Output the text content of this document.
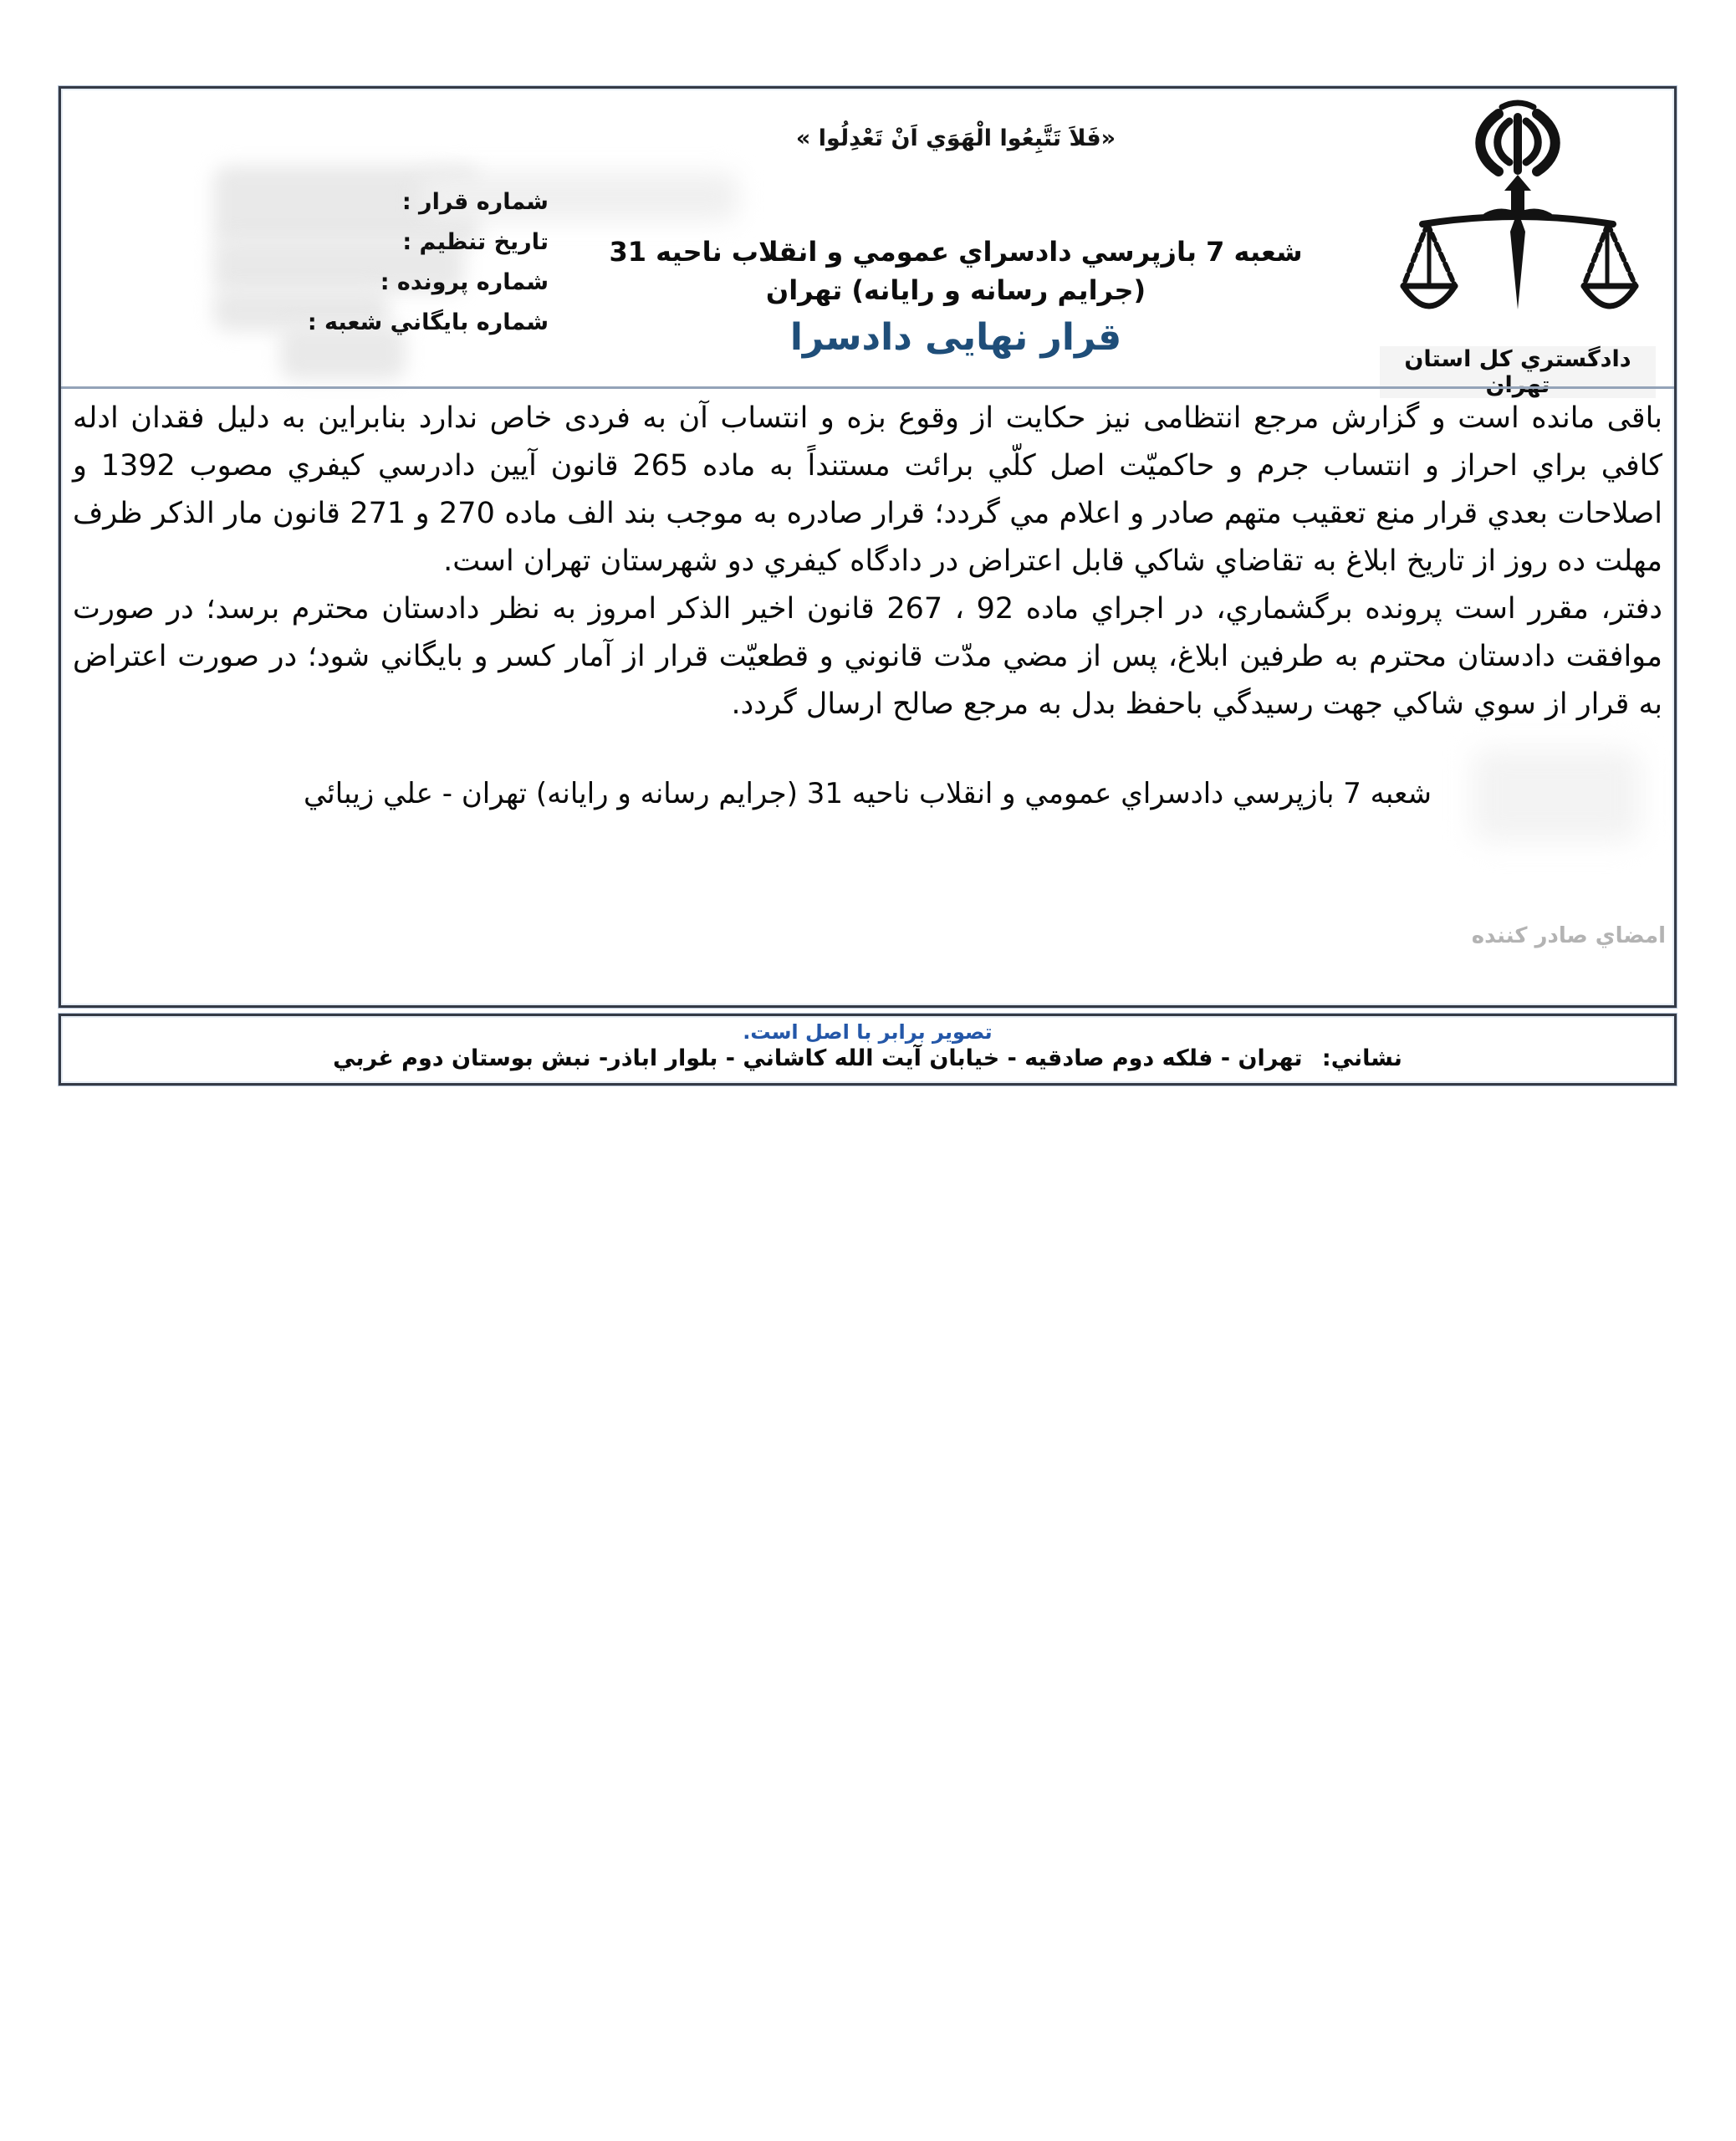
«فَلاَ تَتَّبِعُوا الْهَوَي اَنْ تَعْدِلُوا »
شماره قرار :
تاریخ تنظیم :
شماره پرونده :
شماره بایگاني شعبه :
شعبه 7 بازپرسي دادسراي عمومي و انقلاب ناحيه 31 (جرايم رسانه و رايانه) تهران
قرار نهایی دادسرا
دادگستري کل استان تهران

باقی مانده است و گزارش مرجع انتظامی نیز حکایت از وقوع بزه و انتساب آن به فردی خاص ندارد بنابراین به دلیل فقدان ادله کافي براي احراز و انتساب جرم و حاکمیّت اصل کلّي برائت مستنداً به ماده 265 قانون آیین دادرسي کیفري مصوب 1392 و اصلاحات بعدي قرار منع تعقیب متهم صادر و اعلام مي گردد؛ قرار صادره به موجب بند الف ماده 270 و 271 قانون مار الذکر ظرف مهلت ده روز از تاریخ ابلاغ به تقاضاي شاکي قابل اعتراض در دادگاه کیفري دو شهرستان تهران است.

دفتر، مقرر است پرونده برگشماري، در اجراي ماده 92 ، 267 قانون اخیر الذکر امروز به نظر دادستان محترم برسد؛ در صورت موافقت دادستان محترم به طرفین ابلاغ، پس از مضي مدّت قانوني و قطعیّت قرار از آمار کسر و بایگاني شود؛ در صورت اعتراض به قرار از سوي شاکي جهت رسیدگي باحفظ بدل به مرجع صالح ارسال گردد.

شعبه 7 بازپرسي دادسراي عمومي و انقلاب ناحیه 31 (جرایم رسانه و رایانه) تهران - علي زیبائي
امضاي صادر کننده
تصویر برابر با اصل است.
نشاني: تهران - فلکه دوم صادقیه - خیابان آیت الله کاشاني - بلوار اباذر- نبش بوستان دوم غربي
